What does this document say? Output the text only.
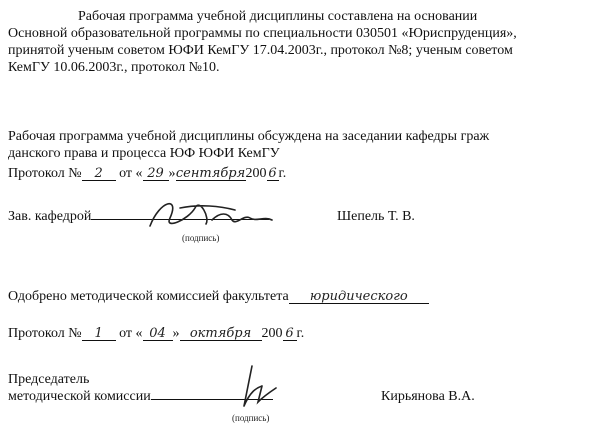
Рабочая программа учебной дисциплины составлена на основании
Основной образовательной программы по специальности 030501 «Юриспруденция»,
принятой ученым советом ЮФИ КемГУ 17.04.2003г., протокол №8; ученым советом
КемГУ 10.06.2003г., протокол №10.
Рабочая программа учебной дисциплины обсуждена на заседании кафедры граж
данского права и процесса ЮФ ЮФИ КемГУ
Протокол № 2 от « 29 »сентября200 6 г.
Зав. кафедрой
(подпись)
Шепель Т. В.
Одобрено методической комиссией факультета юридического
Протокол № 1 от « 04 » октября 200 6 г.
Председатель
методической комиссии
(подпись)
Кирьянова В.А.
